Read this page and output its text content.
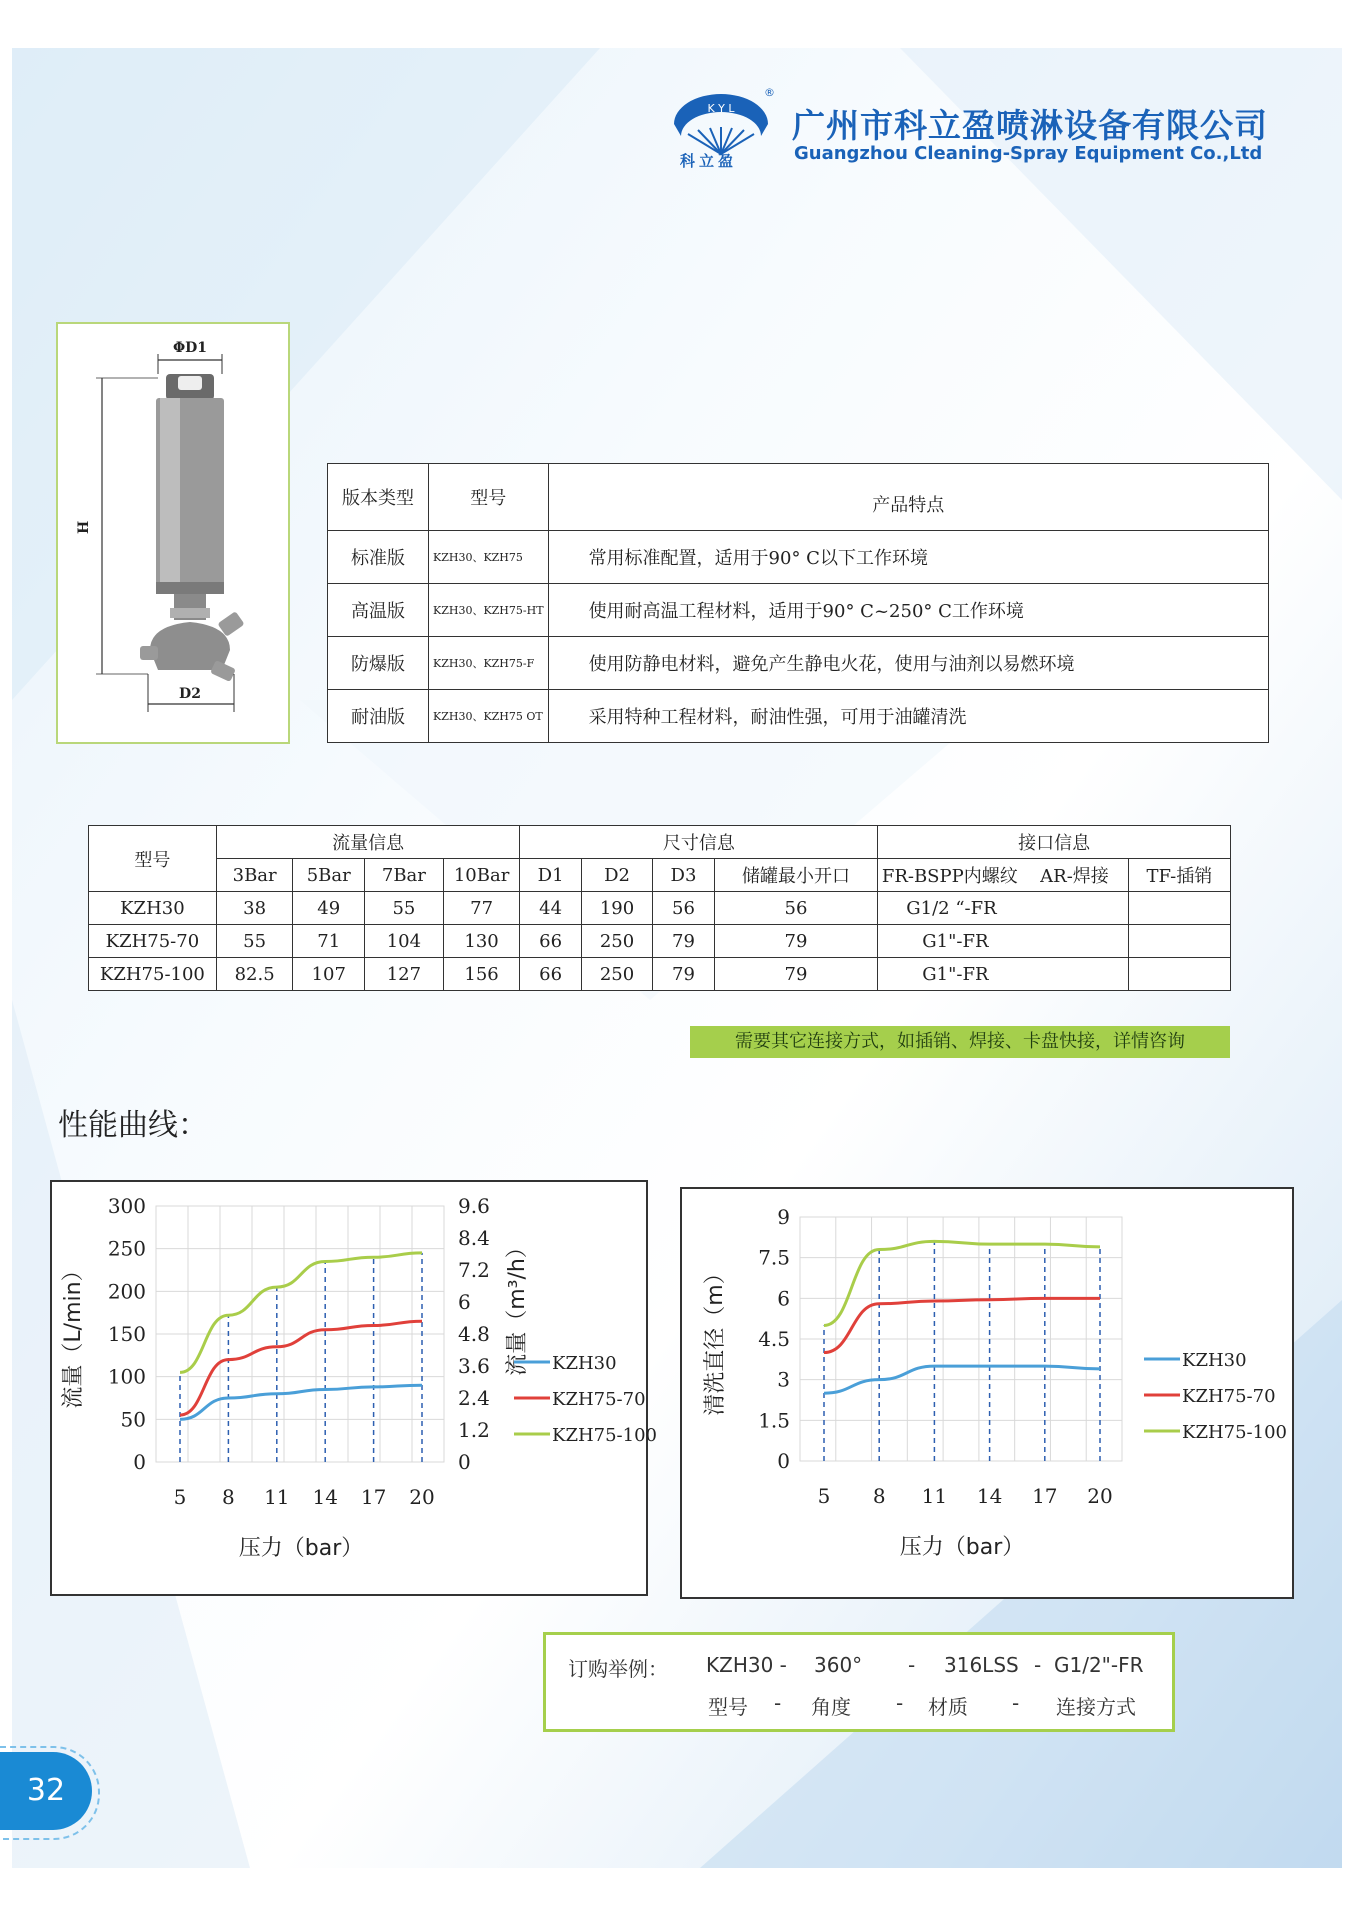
K Y L
®
科立盈
广州市科立盈喷淋设备有限公司
Guangzhou Cleaning-Spray Equipment Co.,Ltd
ΦD1
H
D2
版本类型	型号	产品特点
标准版	KZH30、KZH75	常用标准配置，适用于90° C以下工作环境
高温版	KZH30、KZH75-HT	使用耐高温工程材料，适用于90° C~250° C工作环境
防爆版	KZH30、KZH75-F	使用防静电材料，避免产生静电火花，使用与油剂以易燃环境
耐油版	KZH30、KZH75 OT	采用特种工程材料，耐油性强，可用于油罐清洗
型号	流量信息				尺寸信息				接口信息		
	3Bar	5Bar	7Bar	10Bar	D1	D2	D3	储罐最小开口	FR-BSPP内螺纹	AR-焊接	TF-插销
KZH30	38	49	55	77	44	190	56	56	G1/2 “-FR		
KZH75-70	55	71	104	130	66	250	79	79	G1"-FR		
KZH75-100	82.5	107	127	156	66	250	79	79	G1"-FR		
需要其它连接方式，如插销、焊接、卡盘快接，详情咨询
性能曲线：
0
50
100
150
200
250
300
5 8 11 14 17 20
压力（bar）
流量（L/min）
0
1.2
2.4
3.6
4.8
6
7.2
8.4
9.6
流量（m³/h） KZH30
KZH75-70
KZH75-100
0
1.5
3
4.5
6
7.5
9
5 8 11 14 17 20
压力（bar）
清洗直径（m）	KZH30
KZH75-70
KZH75-100
订购举例： KZH30 - 360° - 316LSS - G1/2"-FR
型号 - 角度 - 材质 - 连接方式
32
